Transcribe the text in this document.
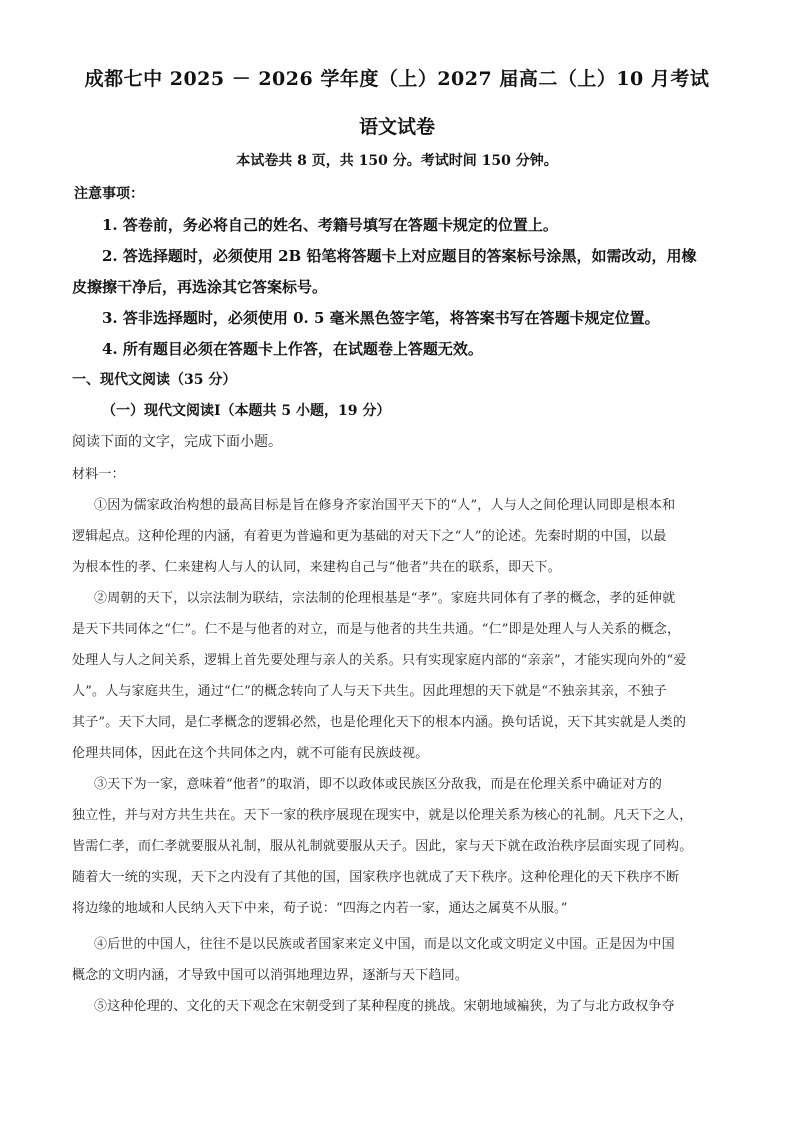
成都七中 2025 － 2026 学年度（上）2027 届高二（上）10 月考试
语文试卷
本试卷共 8 页，共 150 分。考试时间 150 分钟。
注意事项：
1. 答卷前，务必将自己的姓名、考籍号填写在答题卡规定的位置上。
2. 答选择题时，必须使用 2B 铅笔将答题卡上对应题目的答案标号涂黑，如需改动，用橡
皮擦擦干净后，再选涂其它答案标号。
3. 答非选择题时，必须使用 0. 5 毫米黑色签字笔，将答案书写在答题卡规定位置。
4. 所有题目必须在答题卡上作答，在试题卷上答题无效。
一、现代文阅读（35 分）
（一）现代文阅读Ⅰ（本题共 5 小题，19 分）
阅读下面的文字，完成下面小题。
材料一：
①因为儒家政治构想的最高目标是旨在修身齐家治国平天下的“人”，人与人之间伦理认同即是根本和
逻辑起点。这种伦理的内涵，有着更为普遍和更为基础的对天下之“人”的论述。先秦时期的中国，以最
为根本性的孝、仁来建构人与人的认同，来建构自己与“他者”共在的联系，即天下。
②周朝的天下，以宗法制为联结，宗法制的伦理根基是“孝”。家庭共同体有了孝的概念，孝的延伸就
是天下共同体之“仁”。仁不是与他者的对立，而是与他者的共生共通。“仁”即是处理人与人关系的概念，
处理人与人之间关系，逻辑上首先要处理与亲人的关系。只有实现家庭内部的“亲亲”，才能实现向外的“爱
人”。人与家庭共生，通过“仁”的概念转向了人与天下共生。因此理想的天下就是“不独亲其亲，不独子
其子”。天下大同，是仁孝概念的逻辑必然，也是伦理化天下的根本内涵。换句话说，天下其实就是人类的
伦理共同体，因此在这个共同体之内，就不可能有民族歧视。
③天下为一家，意味着“他者”的取消，即不以政体或民族区分敌我，而是在伦理关系中确证对方的
独立性，并与对方共生共在。天下一家的秩序展现在现实中，就是以伦理关系为核心的礼制。凡天下之人，
皆需仁孝，而仁孝就要服从礼制，服从礼制就要服从天子。因此，家与天下就在政治秩序层面实现了同构。
随着大一统的实现，天下之内没有了其他的国，国家秩序也就成了天下秩序。这种伦理化的天下秩序不断
将边缘的地域和人民纳入天下中来，荀子说：“四海之内若一家，通达之属莫不从服。”
④后世的中国人，往往不是以民族或者国家来定义中国，而是以文化或文明定义中国。正是因为中国
概念的文明内涵，才导致中国可以消弭地理边界，逐渐与天下趋同。
⑤这种伦理的、文化的天下观念在宋朝受到了某种程度的挑战。宋朝地域褊狭，为了与北方政权争夺
